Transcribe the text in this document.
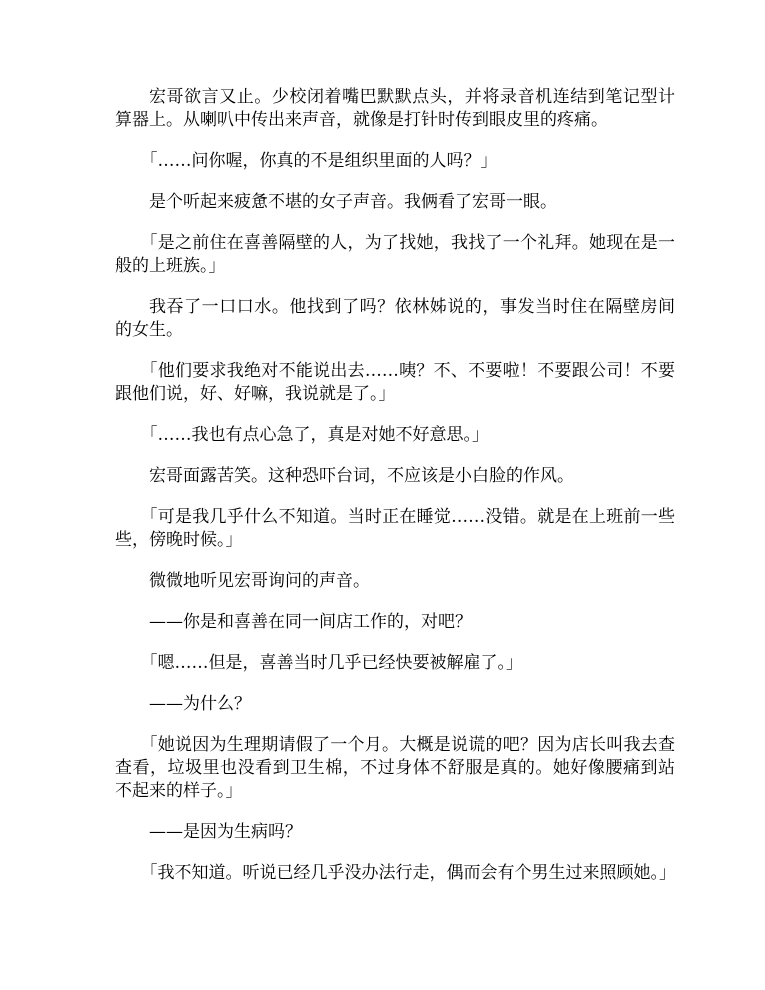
宏哥欲言又止。少校闭着嘴巴默默点头，并将录音机连结到笔记型计算器上。从喇叭中传出来声音，就像是打针时传到眼皮里的疼痛。

「……问你喔，你真的不是组织里面的人吗？」

是个听起来疲惫不堪的女子声音。我俩看了宏哥一眼。

「是之前住在喜善隔壁的人，为了找她，我找了一个礼拜。她现在是一般的上班族。」

我吞了一口口水。他找到了吗？依林姊说的，事发当时住在隔壁房间的女生。

「他们要求我绝对不能说出去……咦？不、不要啦！不要跟公司！不要跟他们说，好、好嘛，我说就是了。」

「……我也有点心急了，真是对她不好意思。」

宏哥面露苦笑。这种恐吓台词，不应该是小白脸的作风。

「可是我几乎什么不知道。当时正在睡觉……没错。就是在上班前一些些，傍晚时候。」

微微地听见宏哥询问的声音。

——你是和喜善在同一间店工作的，对吧？

「嗯……但是，喜善当时几乎已经快要被解雇了。」

——为什么？

「她说因为生理期请假了一个月。大概是说谎的吧？因为店长叫我去查查看，垃圾里也没看到卫生棉，不过身体不舒服是真的。她好像腰痛到站不起来的样子。」

——是因为生病吗？

「我不知道。听说已经几乎没办法行走，偶而会有个男生过来照顾她。」
